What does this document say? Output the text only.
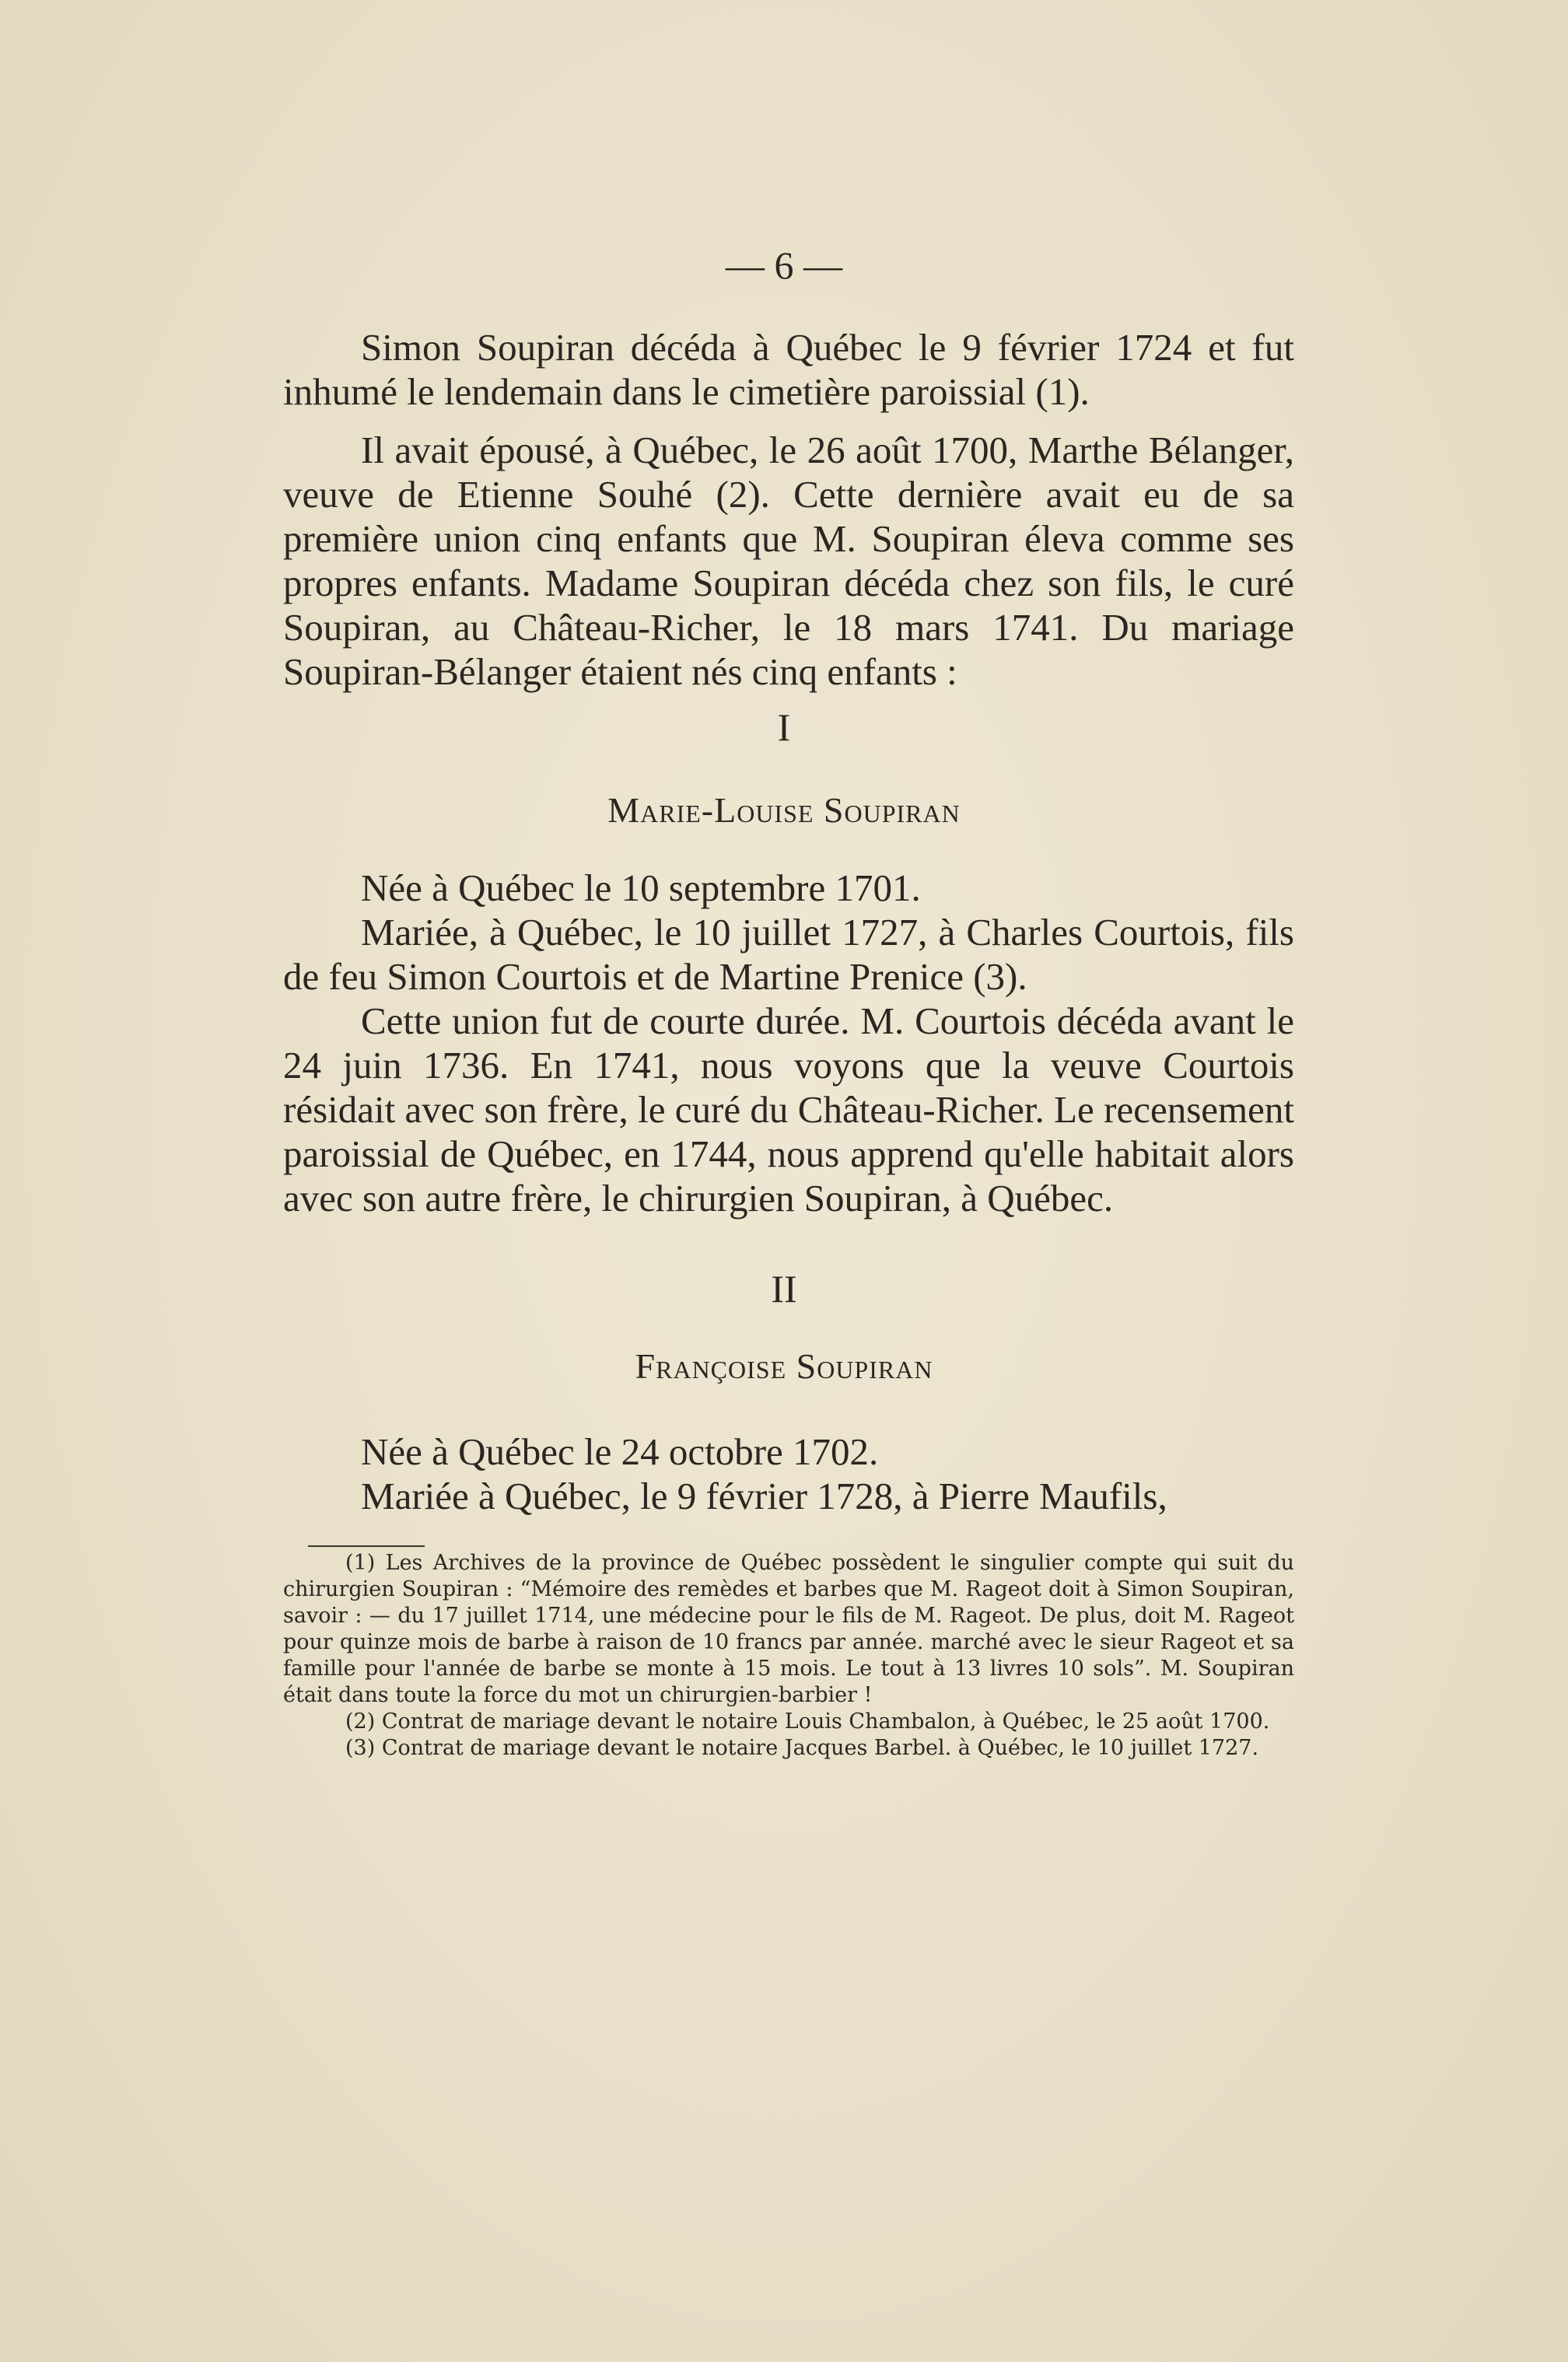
— 6 —

Simon Soupiran décéda à Québec le 9 février 1724 et fut inhumé le lendemain dans le cimetière paroissial (1).

Il avait épousé, à Québec, le 26 août 1700, Marthe Bélanger, veuve de Etienne Souhé (2). Cette dernière avait eu de sa première union cinq enfants que M. Soupiran éleva comme ses propres enfants. Madame Soupiran décéda chez son fils, le curé Soupiran, au Château-Richer, le 18 mars 1741. Du mariage Soupiran-Bélanger étaient nés cinq enfants :

I
Marie-Louise Soupiran

Née à Québec le 10 septembre 1701.

Mariée, à Québec, le 10 juillet 1727, à Charles Courtois, fils de feu Simon Courtois et de Martine Prenice (3).

Cette union fut de courte durée. M. Courtois décéda avant le 24 juin 1736. En 1741, nous voyons que la veuve Courtois résidait avec son frère, le curé du Château-Richer. Le recensement paroissial de Québec, en 1744, nous apprend qu'elle habitait alors avec son autre frère, le chirurgien Soupiran, à Québec.

II
Françoise Soupiran

Née à Québec le 24 octobre 1702.

Mariée à Québec, le 9 février 1728, à Pierre Maufils,

(1) Les Archives de la province de Québec possèdent le singulier compte qui suit du chirurgien Soupiran : “Mémoire des remèdes et barbes que M. Rageot doit à Simon Soupiran, savoir : — du 17 juillet 1714, une médecine pour le fils de M. Rageot. De plus, doit M. Rageot pour quinze mois de barbe à raison de 10 francs par année. marché avec le sieur Rageot et sa famille pour l'année de barbe se monte à 15 mois. Le tout à 13 livres 10 sols”. M. Soupiran était dans toute la force du mot un chirurgien-barbier !

(2) Contrat de mariage devant le notaire Louis Chambalon, à Québec, le 25 août 1700.

(3) Contrat de mariage devant le notaire Jacques Barbel. à Québec, le 10 juillet 1727.
